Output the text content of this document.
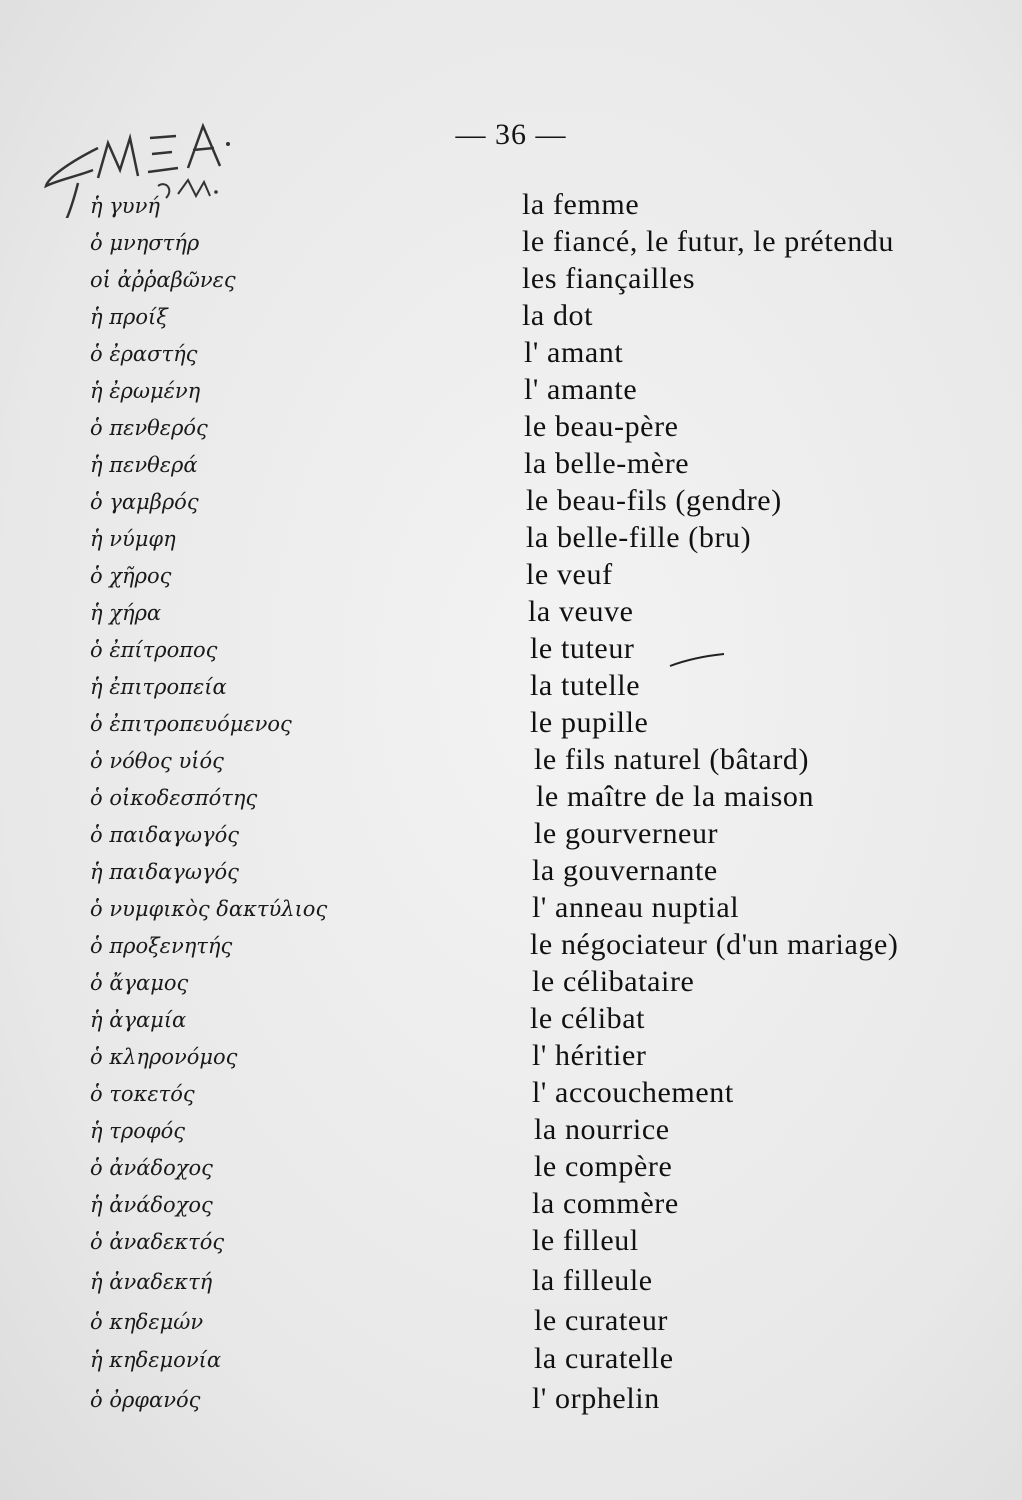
— 36 —
ἡ γυνή	la femme
ὁ μνηστήρ	le fiancé, le futur, le prétendu
οἱ ἀῤῥαβῶνες	les fiançailles
ἡ προίξ	la dot
ὁ ἐραστής	l' amant
ἡ ἐρωμένη	l' amante
ὁ πενθερός	le beau-père
ἡ πενθερά	la belle-mère
ὁ γαμβρός	le beau-fils (gendre)
ἡ νύμφη	la belle-fille (bru)
ὁ χῆρος	le veuf
ἡ χήρα	la veuve
ὁ ἐπίτροπος	le tuteur
ἡ ἐπιτροπεία	la tutelle
ὁ ἐπιτροπευόμενος	le pupille
ὁ νόθος υἱός	le fils naturel (bâtard)
ὁ οἰκοδεσπότης	le maître de la maison
ὁ παιδαγωγός	le gourverneur
ἡ παιδαγωγός	la gouvernante
ὁ νυμφικὸς δακτύλιος	l' anneau nuptial
ὁ προξενητής	le négociateur (d'un mariage)
ὁ ἄγαμος	le célibataire
ἡ ἀγαμία	le célibat
ὁ κληρονόμος	l' héritier
ὁ τοκετός	l' accouchement
ἡ τροφός	la nourrice
ὁ ἀνάδοχος	le compère
ἡ ἀνάδοχος	la commère
ὁ ἀναδεκτός	le filleul
ἡ ἀναδεκτή	la filleule
ὁ κηδεμών	le curateur
ἡ κηδεμονία	la curatelle
ὁ ὀρφανός	l' orphelin
